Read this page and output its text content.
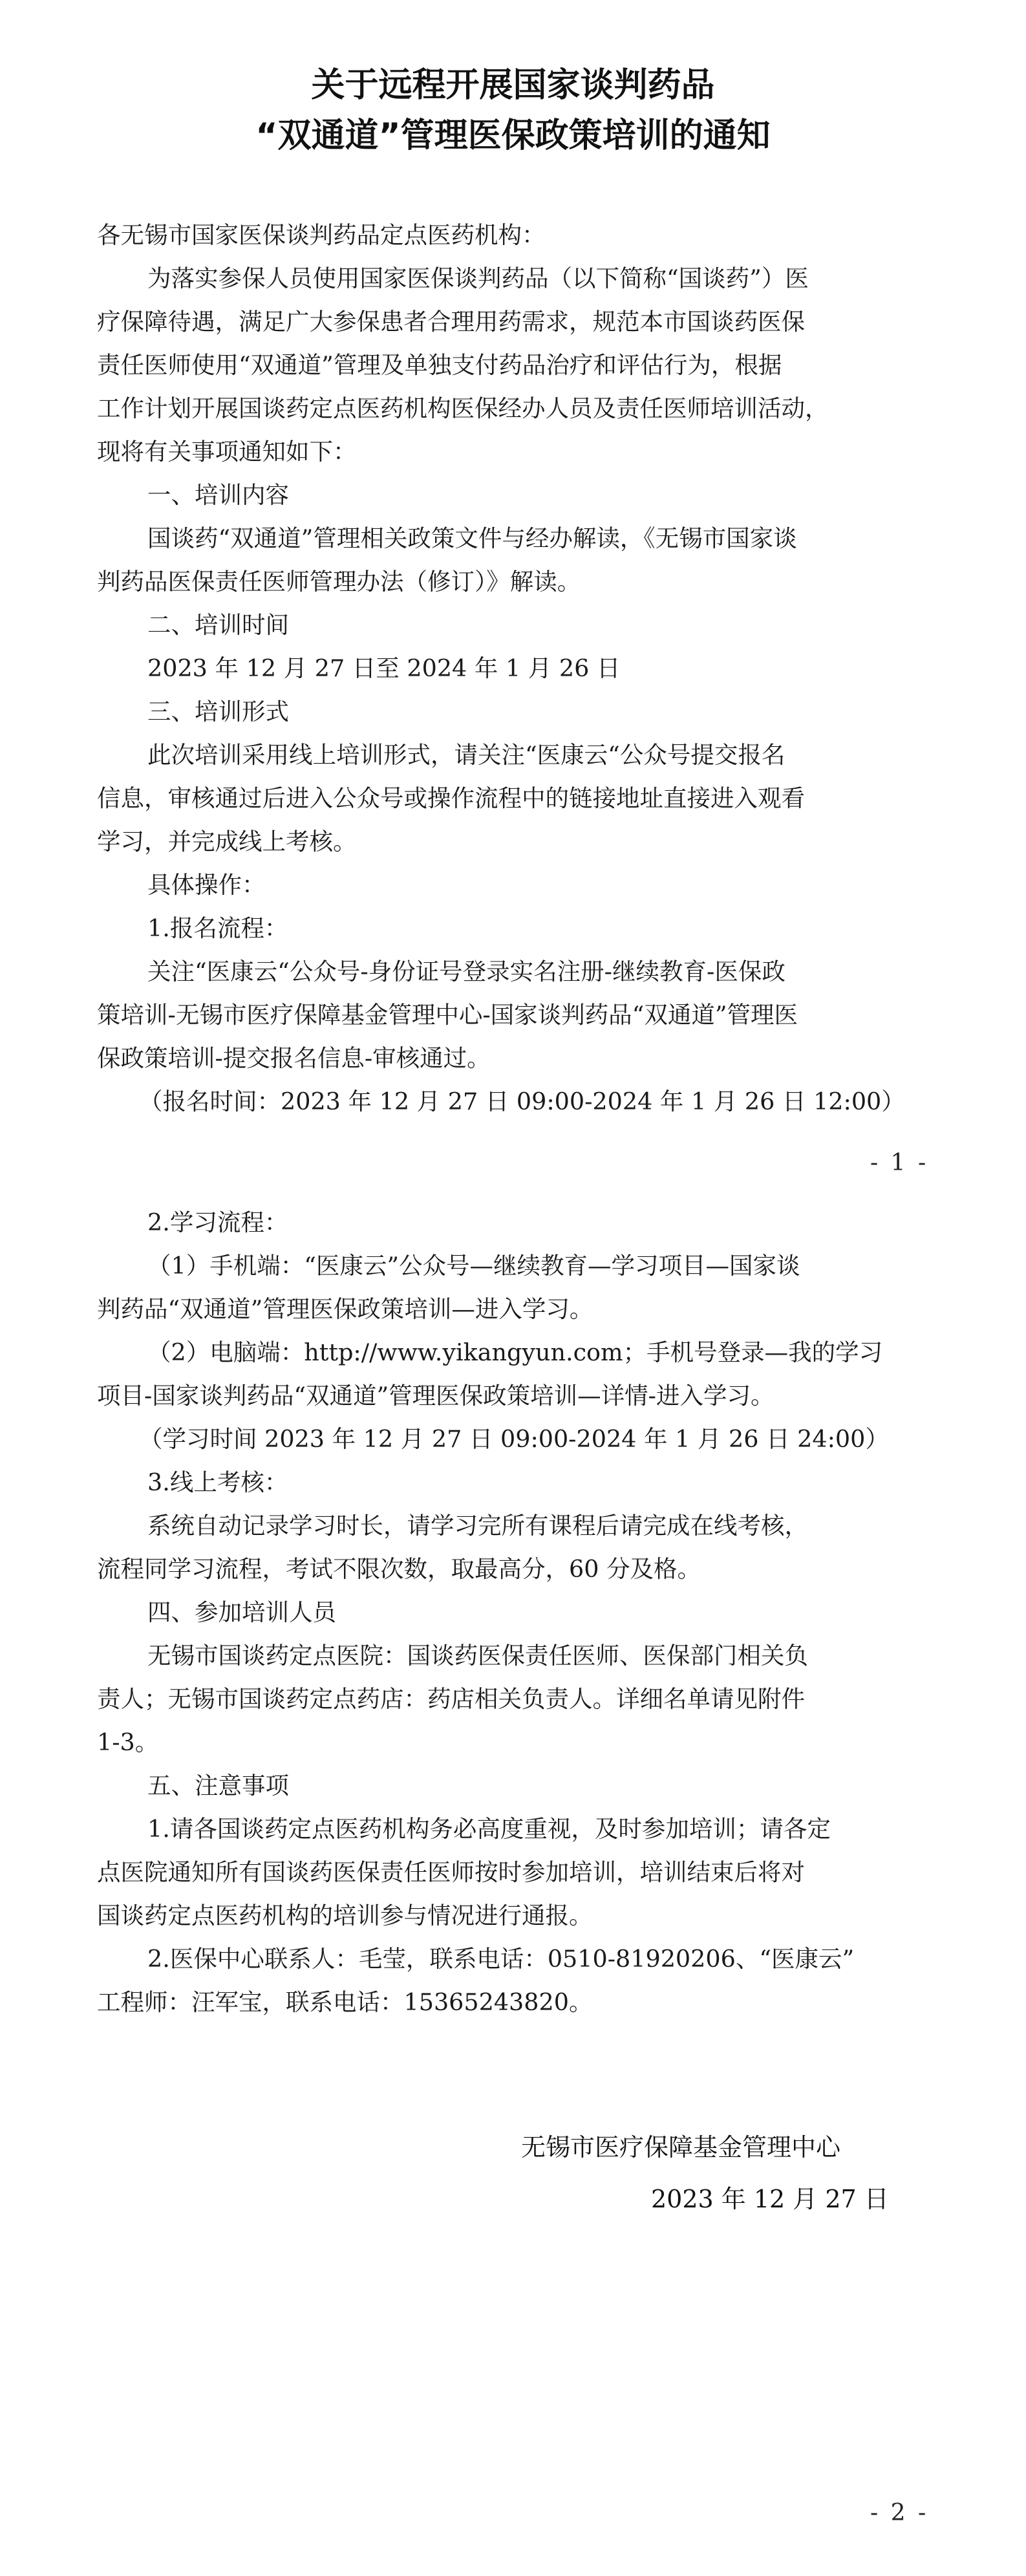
关于远程开展国家谈判药品
“双通道”管理医保政策培训的通知
各无锡市国家医保谈判药品定点医药机构：
为落实参保人员使用国家医保谈判药品（以下简称“国谈药”）医
疗保障待遇，满足广大参保患者合理用药需求，规范本市国谈药医保
责任医师使用“双通道”管理及单独支付药品治疗和评估行为，根据
工作计划开展国谈药定点医药机构医保经办人员及责任医师培训活动，
现将有关事项通知如下：
一、培训内容
国谈药“双通道”管理相关政策文件与经办解读，《无锡市国家谈
判药品医保责任医师管理办法（修订）》解读。
二、培训时间
2023 年 12 月 27 日至 2024 年 1 月 26 日
三、培训形式
此次培训采用线上培训形式，请关注“医康云“公众号提交报名
信息，审核通过后进入公众号或操作流程中的链接地址直接进入观看
学习，并完成线上考核。
具体操作：
1.报名流程：
关注“医康云“公众号-身份证号登录实名注册-继续教育-医保政
策培训-无锡市医疗保障基金管理中心-国家谈判药品“双通道”管理医
保政策培训-提交报名信息-审核通过。
（报名时间：2023 年 12 月 27 日 09:00-2024 年 1 月 26 日 12:00）
- 1 -
2.学习流程：
（1）手机端：“医康云”公众号—继续教育—学习项目—国家谈
判药品“双通道”管理医保政策培训—进入学习。
（2）电脑端：http://www.yikangyun.com；手机号登录—我的学习
项目-国家谈判药品“双通道”管理医保政策培训—详情-进入学习。
（学习时间 2023 年 12 月 27 日 09:00-2024 年 1 月 26 日 24:00）
3.线上考核：
系统自动记录学习时长，请学习完所有课程后请完成在线考核，
流程同学习流程，考试不限次数，取最高分，60 分及格。
四、参加培训人员
无锡市国谈药定点医院：国谈药医保责任医师、医保部门相关负
责人；无锡市国谈药定点药店：药店相关负责人。详细名单请见附件
1-3。
五、注意事项
1.请各国谈药定点医药机构务必高度重视，及时参加培训；请各定
点医院通知所有国谈药医保责任医师按时参加培训，培训结束后将对
国谈药定点医药机构的培训参与情况进行通报。
2.医保中心联系人：毛莹，联系电话：0510-81920206、“医康云”
工程师：汪军宝，联系电话：15365243820。
无锡市医疗保障基金管理中心
2023 年 12 月 27 日
- 2 -
